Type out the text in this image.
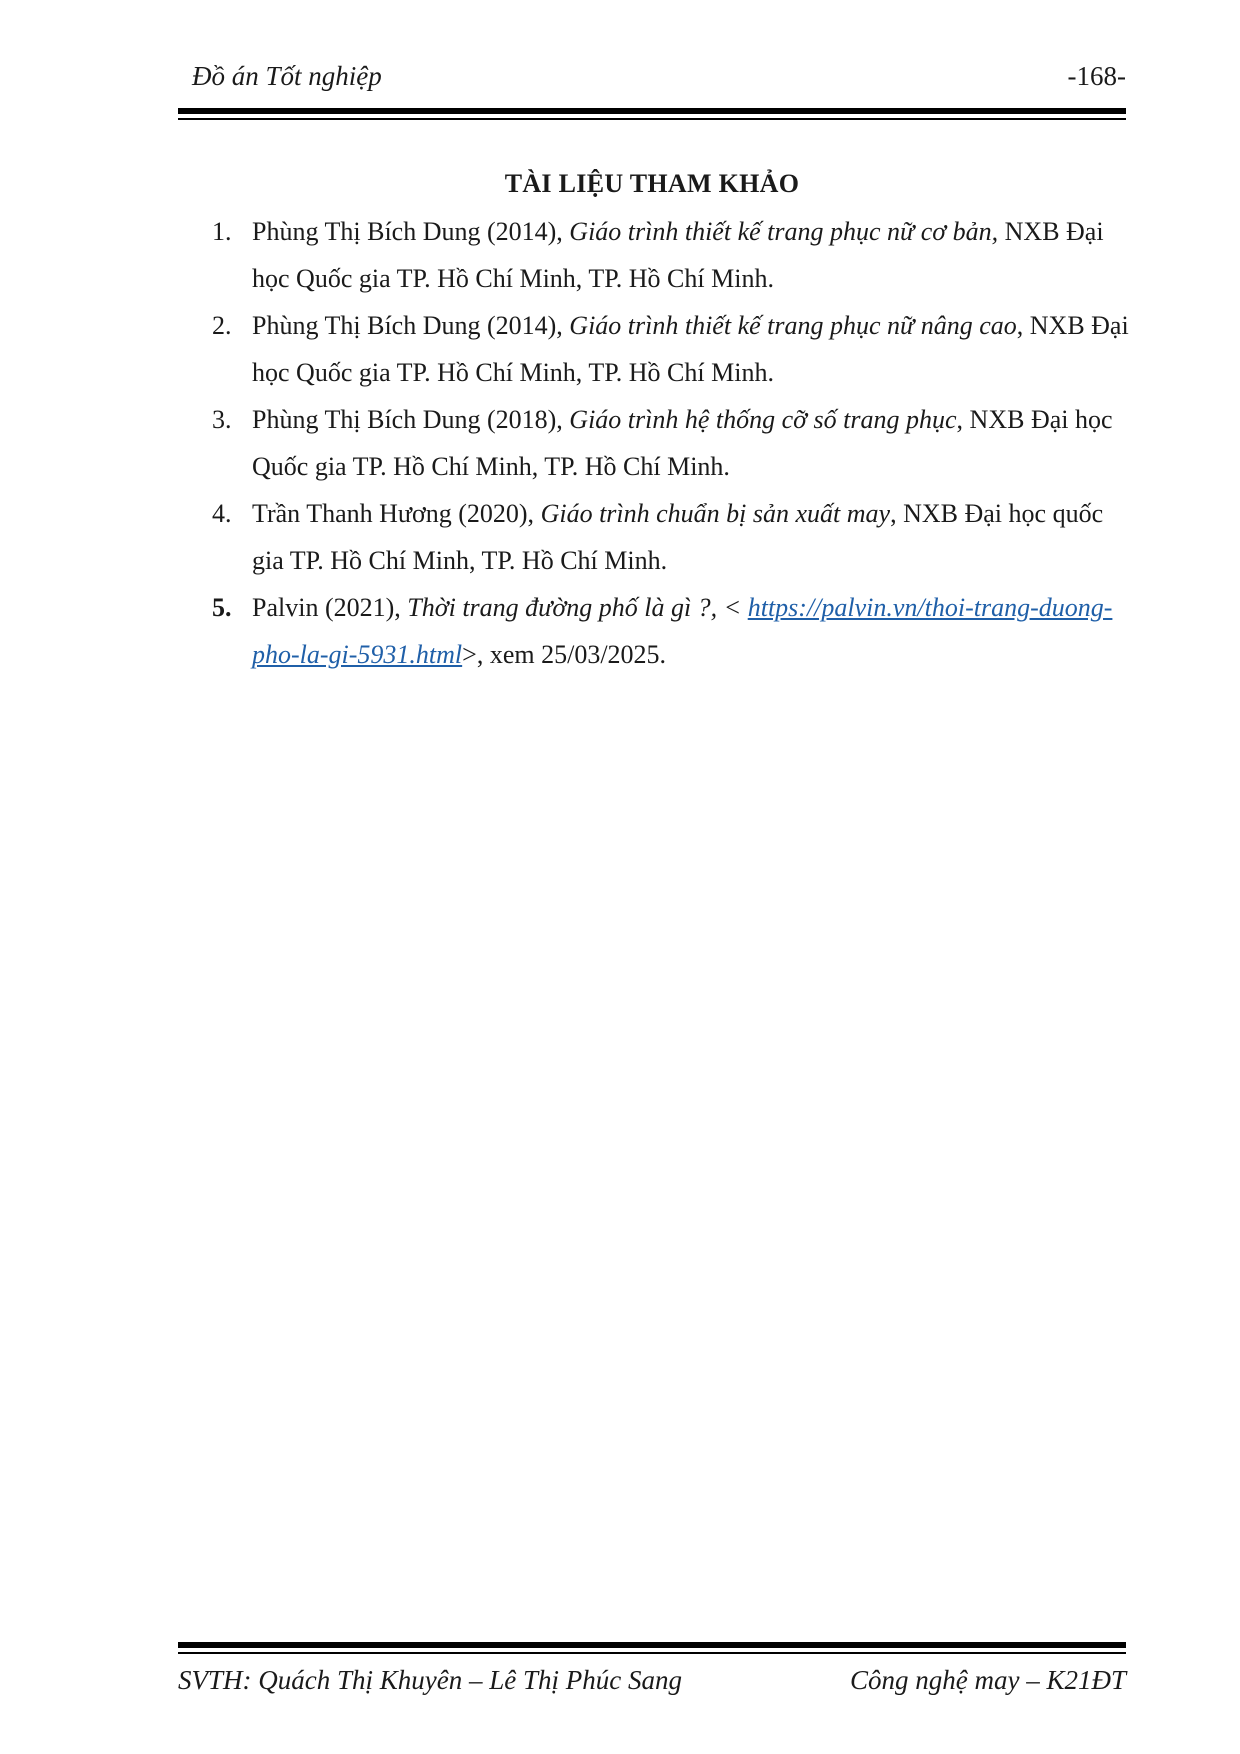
Đồ án Tốt nghiệp	-168-
TÀI LIỆU THAM KHẢO
1. Phùng Thị Bích Dung (2014), Giáo trình thiết kế trang phục nữ cơ bản, NXB Đại học Quốc gia TP. Hồ Chí Minh, TP. Hồ Chí Minh.
2. Phùng Thị Bích Dung (2014), Giáo trình thiết kế trang phục nữ nâng cao, NXB Đại học Quốc gia TP. Hồ Chí Minh, TP. Hồ Chí Minh.
3. Phùng Thị Bích Dung (2018), Giáo trình hệ thống cỡ số trang phục, NXB Đại học Quốc gia TP. Hồ Chí Minh, TP. Hồ Chí Minh.
4. Trần Thanh Hương (2020), Giáo trình chuẩn bị sản xuất may, NXB Đại học quốc gia TP. Hồ Chí Minh, TP. Hồ Chí Minh.
5. Palvin (2021), Thời trang đường phố là gì ?, < https://palvin.vn/thoi-trang-duong-pho-la-gi-5931.html>, xem 25/03/2025.
SVTH: Quách Thị Khuyên – Lê Thị Phúc Sang	Công nghệ may – K21ĐT
